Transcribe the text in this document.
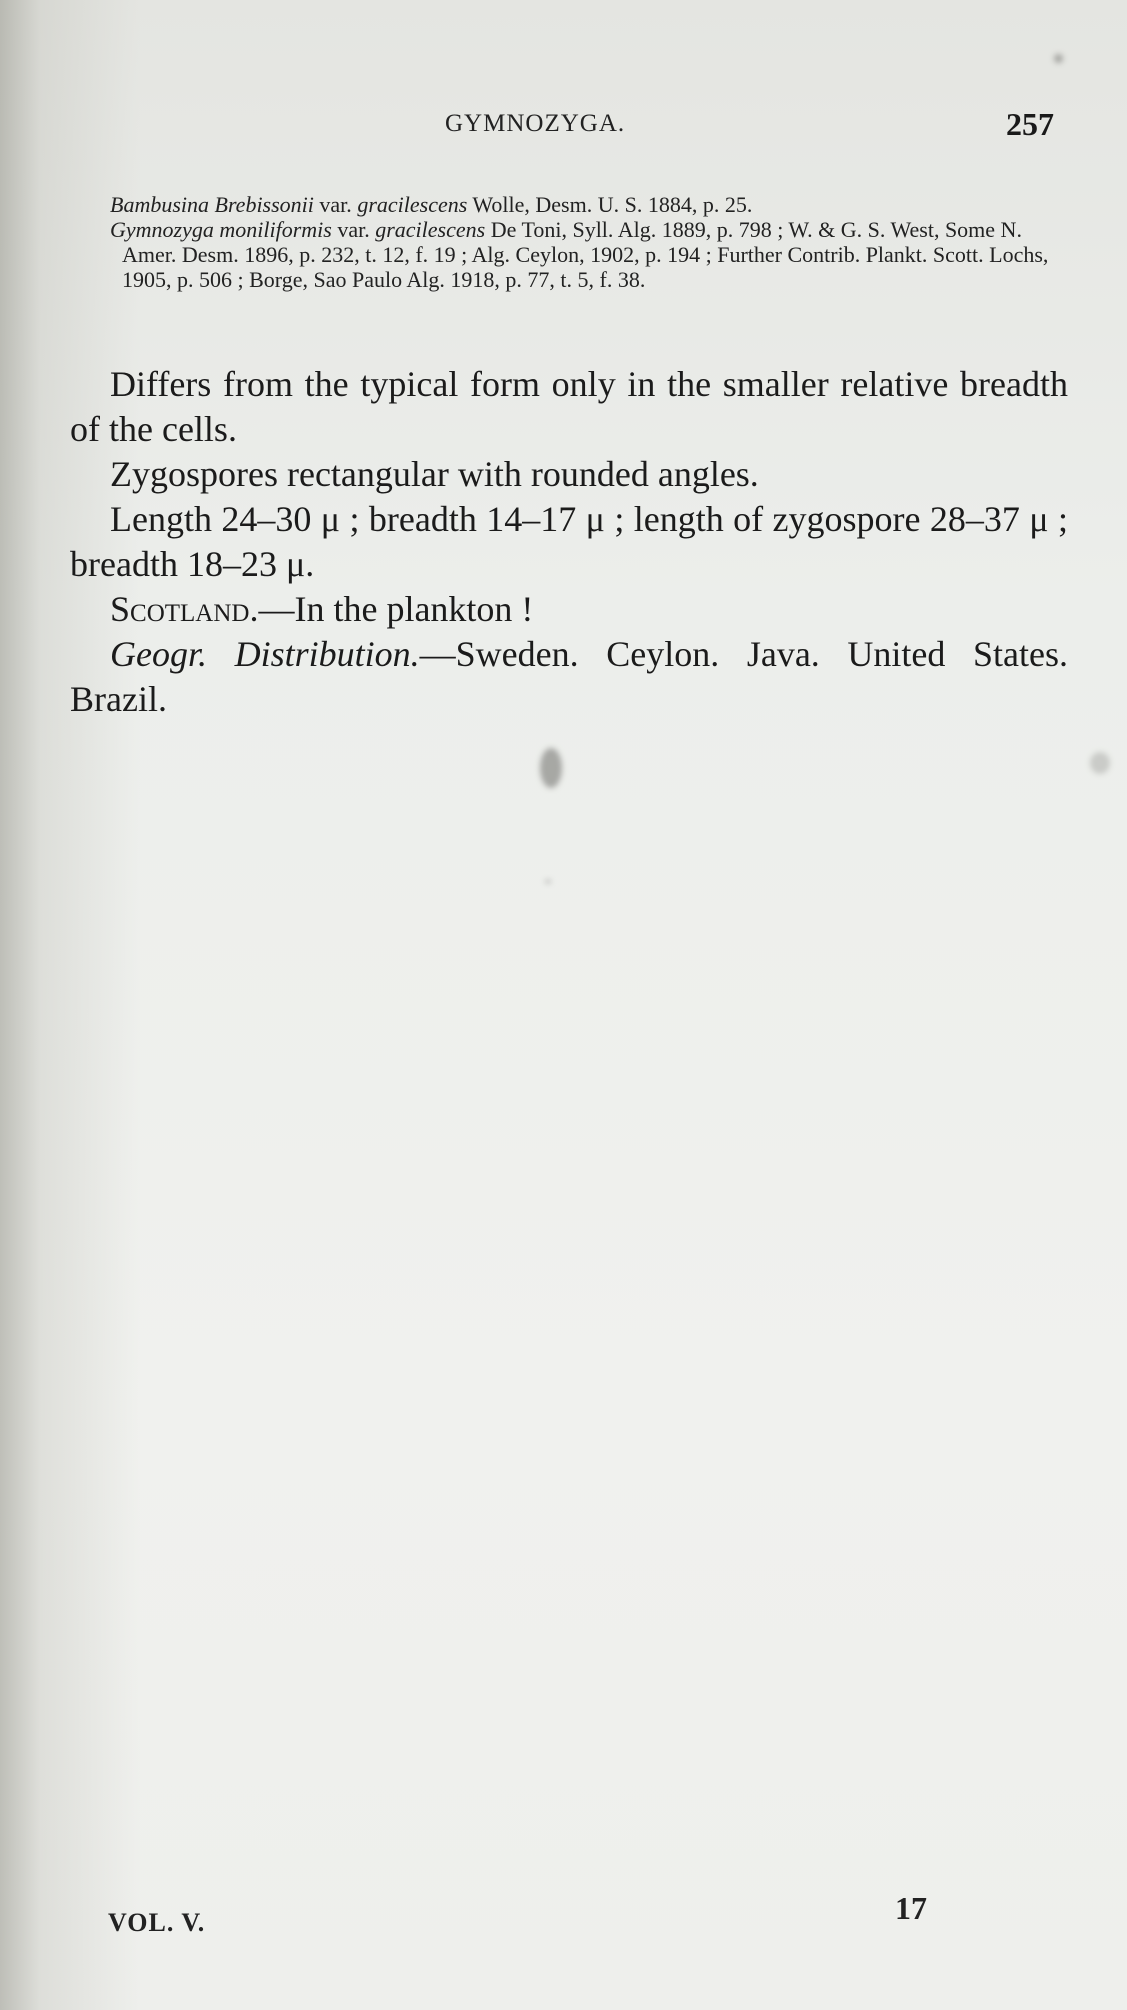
GYMNOZYGA.	257

Bambusina Brebissonii var. gracilescens Wolle, Desm. U. S. 1884, p. 25.

Gymnozyga moniliformis var. gracilescens De Toni, Syll. Alg. 1889, p. 798 ; W. & G. S. West, Some N. Amer. Desm. 1896, p. 232, t. 12, f. 19 ; Alg. Ceylon, 1902, p. 194 ; Further Contrib. Plankt. Scott. Lochs, 1905, p. 506 ; Borge, Sao Paulo Alg. 1918, p. 77, t. 5, f. 38.

Differs from the typical form only in the smaller relative breadth of the cells.

Zygospores rectangular with rounded angles.

Length 24–30 μ ; breadth 14–17 μ ; length of zygospore 28–37 μ ; breadth 18–23 μ.

Scotland.—In the plankton !

Geogr. Distribution.—Sweden. Ceylon. Java. United States. Brazil.

VOL. V.	17
